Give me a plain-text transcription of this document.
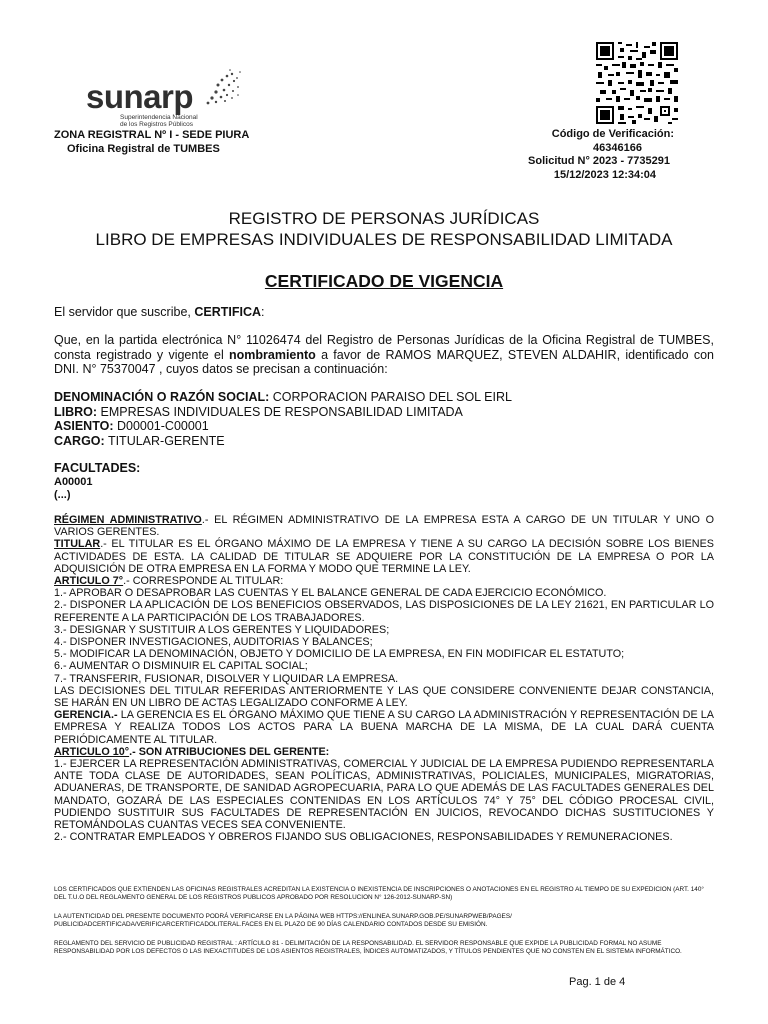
sunarp
Superintendencia Nacional
de los Registros Públicos
ZONA REGISTRAL Nº I - SEDE PIURA
Oficina Registral de TUMBES
Código de Verificación:
46346166
Solicitud N° 2023 - 7735291
15/12/2023 12:34:04
REGISTRO DE PERSONAS JURÍDICAS
LIBRO DE EMPRESAS INDIVIDUALES DE RESPONSABILIDAD LIMITADA
CERTIFICADO DE VIGENCIA
El servidor que suscribe, CERTIFICA:
Que, en la partida electrónica N° 11026474 del Registro de Personas Jurídicas de la Oficina Registral de TUMBES, consta registrado y vigente el nombramiento a favor de RAMOS MARQUEZ, STEVEN ALDAHIR, identificado con DNI. N° 75370047 , cuyos datos se precisan a continuación:
DENOMINACIÓN O RAZÓN SOCIAL: CORPORACION PARAISO DEL SOL EIRL
LIBRO: EMPRESAS INDIVIDUALES DE RESPONSABILIDAD LIMITADA
ASIENTO: D00001-C00001
CARGO: TITULAR-GERENTE
FACULTADES:
A00001
(...)

RÉGIMEN ADMINISTRATIVO.- EL RÉGIMEN ADMINISTRATIVO DE LA EMPRESA ESTA A CARGO DE UN TITULAR Y UNO O VARIOS GERENTES.

TITULAR.- EL TITULAR ES EL ÓRGANO MÁXIMO DE LA EMPRESA Y TIENE A SU CARGO LA DECISIÓN SOBRE LOS BIENES ACTIVIDADES DE ESTA. LA CALIDAD DE TITULAR SE ADQUIERE POR LA CONSTITUCIÓN DE LA EMPRESA O POR LA ADQUISICIÓN DE OTRA EMPRESA EN LA FORMA Y MODO QUE TERMINE LA LEY.

ARTICULO 7°.- CORRESPONDE AL TITULAR:

1.- APROBAR O DESAPROBAR LAS CUENTAS Y EL BALANCE GENERAL DE CADA EJERCICIO ECONÓMICO.

2.- DISPONER LA APLICACIÓN DE LOS BENEFICIOS OBSERVADOS, LAS DISPOSICIONES DE LA LEY 21621, EN PARTICULAR LO REFERENTE A LA PARTICIPACIÓN DE LOS TRABAJADORES.

3.- DESIGNAR Y SUSTITUIR A LOS GERENTES Y LIQUIDADORES;

4.- DISPONER INVESTIGACIONES, AUDITORIAS Y BALANCES;

5.- MODIFICAR LA DENOMINACIÓN, OBJETO Y DOMICILIO DE LA EMPRESA, EN FIN MODIFICAR EL ESTATUTO;

6.- AUMENTAR O DISMINUIR EL CAPITAL SOCIAL;

7.- TRANSFERIR, FUSIONAR, DISOLVER Y LIQUIDAR LA EMPRESA.

LAS DECISIONES DEL TITULAR REFERIDAS ANTERIORMENTE Y LAS QUE CONSIDERE CONVENIENTE DEJAR CONSTANCIA, SE HARÁN EN UN LIBRO DE ACTAS LEGALIZADO CONFORME A LEY.

GERENCIA.- LA GERENCIA ES EL ÓRGANO MÁXIMO QUE TIENE A SU CARGO LA ADMINISTRACIÓN Y REPRESENTACIÓN DE LA EMPRESA Y REALIZA TODOS LOS ACTOS PARA LA BUENA MARCHA DE LA MISMA, DE LA CUAL DARÁ CUENTA PERIÓDICAMENTE AL TITULAR.

ARTICULO 10°.- SON ATRIBUCIONES DEL GERENTE:

1.- EJERCER LA REPRESENTACIÓN ADMINISTRATIVAS, COMERCIAL Y JUDICIAL DE LA EMPRESA PUDIENDO REPRESENTARLA ANTE TODA CLASE DE AUTORIDADES, SEAN POLÍTICAS, ADMINISTRATIVAS, POLICIALES, MUNICIPALES, MIGRATORIAS, ADUANERAS, DE TRANSPORTE, DE SANIDAD AGROPECUARIA, PARA LO QUE ADEMÁS DE LAS FACULTADES GENERALES DEL MANDATO, GOZARÁ DE LAS ESPECIALES CONTENIDAS EN LOS ARTÍCULOS 74° Y 75° DEL CÓDIGO PROCESAL CIVIL, PUDIENDO SUSTITUIR SUS FACULTADES DE REPRESENTACIÓN EN JUICIOS, REVOCANDO DICHAS SUSTITUCIONES Y RETOMÁNDOLAS CUANTAS VECES SEA CONVENIENTE.

2.- CONTRATAR EMPLEADOS Y OBREROS FIJANDO SUS OBLIGACIONES, RESPONSABILIDADES Y REMUNERACIONES.

LOS CERTIFICADOS QUE EXTIENDEN LAS OFICINAS REGISTRALES ACREDITAN LA EXISTENCIA O INEXISTENCIA DE INSCRIPCIONES O ANOTACIONES EN EL REGISTRO AL TIEMPO DE SU EXPEDICION (ART. 140° DEL T.U.O DEL REGLAMENTO GENERAL DE LOS REGISTROS PUBLICOS APROBADO POR RESOLUCION N° 126-2012-SUNARP-SN)
LA AUTENTICIDAD DEL PRESENTE DOCUMENTO PODRÁ VERIFICARSE EN LA PÁGINA WEB HTTPS://ENLINEA.SUNARP.GOB.PE/SUNARPWEB/PAGES/ PUBLICIDADCERTIFICADA/VERIFICARCERTIFICADOLITERAL.FACES EN EL PLAZO DE 90 DÍAS CALENDARIO CONTADOS DESDE SU EMISIÓN.
REGLAMENTO DEL SERVICIO DE PUBLICIDAD REGISTRAL : ARTÍCULO 81 - DELIMITACIÓN DE LA RESPONSABILIDAD. EL SERVIDOR RESPONSABLE QUE EXPIDE LA PUBLICIDAD FORMAL NO ASUME RESPONSABILIDAD POR LOS DEFECTOS O LAS INEXACTITUDES DE LOS ASIENTOS REGISTRALES, ÍNDICES AUTOMATIZADOS, Y TÍTULOS PENDIENTES QUE NO CONSTEN EN EL SISTEMA INFORMÁTICO.
Pag. 1 de 4
